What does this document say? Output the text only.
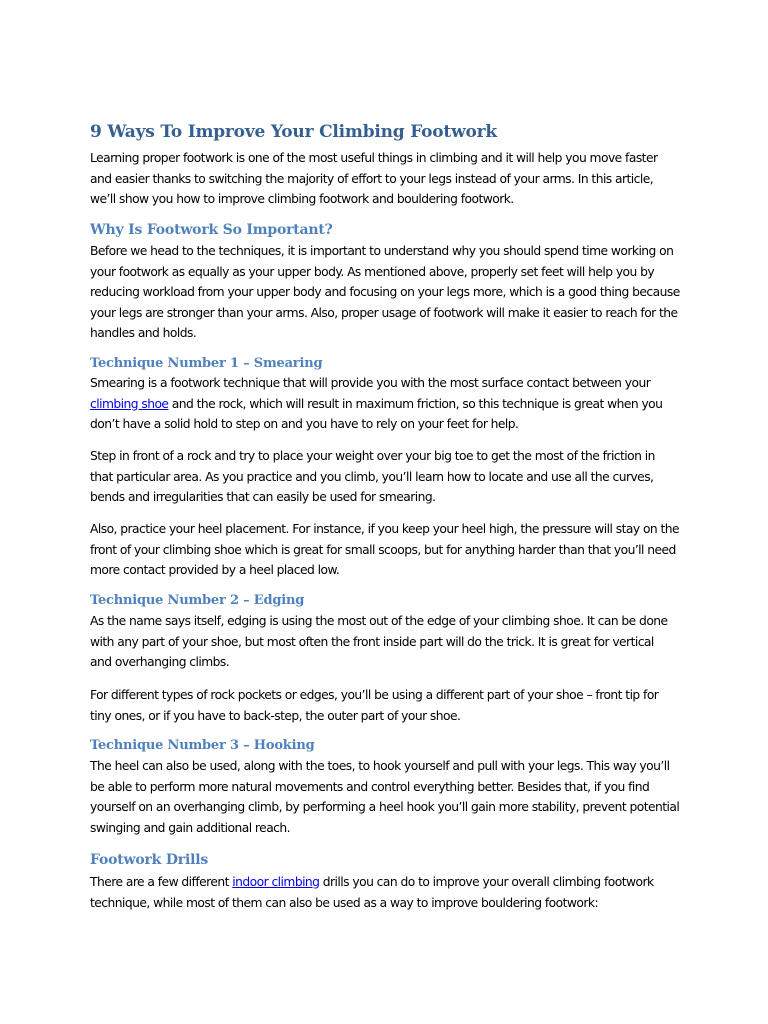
9 Ways To Improve Your Climbing Footwork

Learning proper footwork is one of the most useful things in climbing and it will help you move faster
and easier thanks to switching the majority of effort to your legs instead of your arms. In this article,
we’ll show you how to improve climbing footwork and bouldering footwork.

Why Is Footwork So Important?

Before we head to the techniques, it is important to understand why you should spend time working on
your footwork as equally as your upper body. As mentioned above, properly set feet will help you by
reducing workload from your upper body and focusing on your legs more, which is a good thing because
your legs are stronger than your arms. Also, proper usage of footwork will make it easier to reach for the
handles and holds.

Technique Number 1 – Smearing

Smearing is a footwork technique that will provide you with the most surface contact between your
climbing shoe and the rock, which will result in maximum friction, so this technique is great when you
don’t have a solid hold to step on and you have to rely on your feet for help.

Step in front of a rock and try to place your weight over your big toe to get the most of the friction in
that particular area. As you practice and you climb, you’ll learn how to locate and use all the curves,
bends and irregularities that can easily be used for smearing.

Also, practice your heel placement. For instance, if you keep your heel high, the pressure will stay on the
front of your climbing shoe which is great for small scoops, but for anything harder than that you’ll need
more contact provided by a heel placed low.

Technique Number 2 – Edging

As the name says itself, edging is using the most out of the edge of your climbing shoe. It can be done
with any part of your shoe, but most often the front inside part will do the trick. It is great for vertical
and overhanging climbs.

For different types of rock pockets or edges, you’ll be using a different part of your shoe – front tip for
tiny ones, or if you have to back-step, the outer part of your shoe.

Technique Number 3 – Hooking

The heel can also be used, along with the toes, to hook yourself and pull with your legs. This way you’ll
be able to perform more natural movements and control everything better. Besides that, if you find
yourself on an overhanging climb, by performing a heel hook you’ll gain more stability, prevent potential
swinging and gain additional reach.

Footwork Drills

There are a few different indoor climbing drills you can do to improve your overall climbing footwork
technique, while most of them can also be used as a way to improve bouldering footwork:
